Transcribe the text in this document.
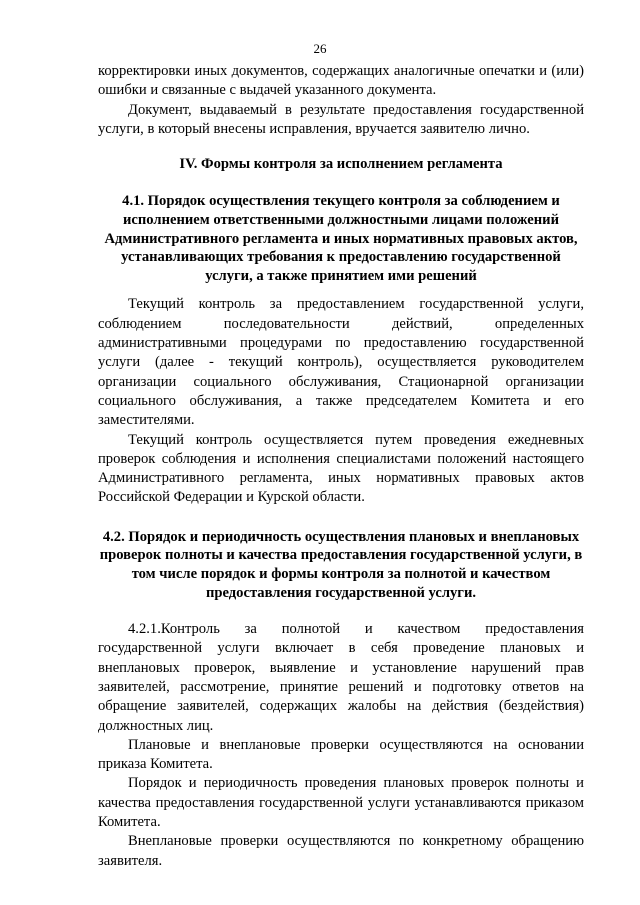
26

корректировки иных документов, содержащих аналогичные опечатки и (или) ошибки и связанные с выдачей указанного документа.

Документ, выдаваемый в результате предоставления государственной услуги, в который внесены исправления, вручается заявителю лично.

IV. Формы контроля за исполнением регламента

4.1. Порядок осуществления текущего контроля за соблюдением и исполнением ответственными должностными лицами положений Административного регламента и иных нормативных правовых актов, устанавливающих требования к предоставлению государственной услуги, а также принятием ими решений

Текущий контроль за предоставлением государственной услуги, соблюдением последовательности действий, определенных административными процедурами по предоставлению государственной услуги (далее - текущий контроль), осуществляется руководителем организации социального обслуживания, Стационарной организации социального обслуживания, а также председателем Комитета и его заместителями.

Текущий контроль осуществляется путем проведения ежедневных проверок соблюдения и исполнения специалистами положений настоящего Административного регламента, иных нормативных правовых актов Российской Федерации и Курской области.

4.2. Порядок и периодичность осуществления плановых и внеплановых проверок полноты и качества предоставления государственной услуги, в том числе порядок и формы контроля за полнотой и качеством предоставления государственной услуги.

4.2.1.Контроль за полнотой и качеством предоставления государственной услуги включает в себя проведение плановых и внеплановых проверок, выявление и установление нарушений прав заявителей, рассмотрение, принятие решений и подготовку ответов на обращение заявителей, содержащих жалобы на действия (бездействия) должностных лиц.

Плановые и внеплановые проверки осуществляются на основании приказа Комитета.

Порядок и периодичность проведения плановых проверок полноты и качества предоставления государственной услуги устанавливаются приказом Комитета.

Внеплановые проверки осуществляются по конкретному обращению заявителя.
